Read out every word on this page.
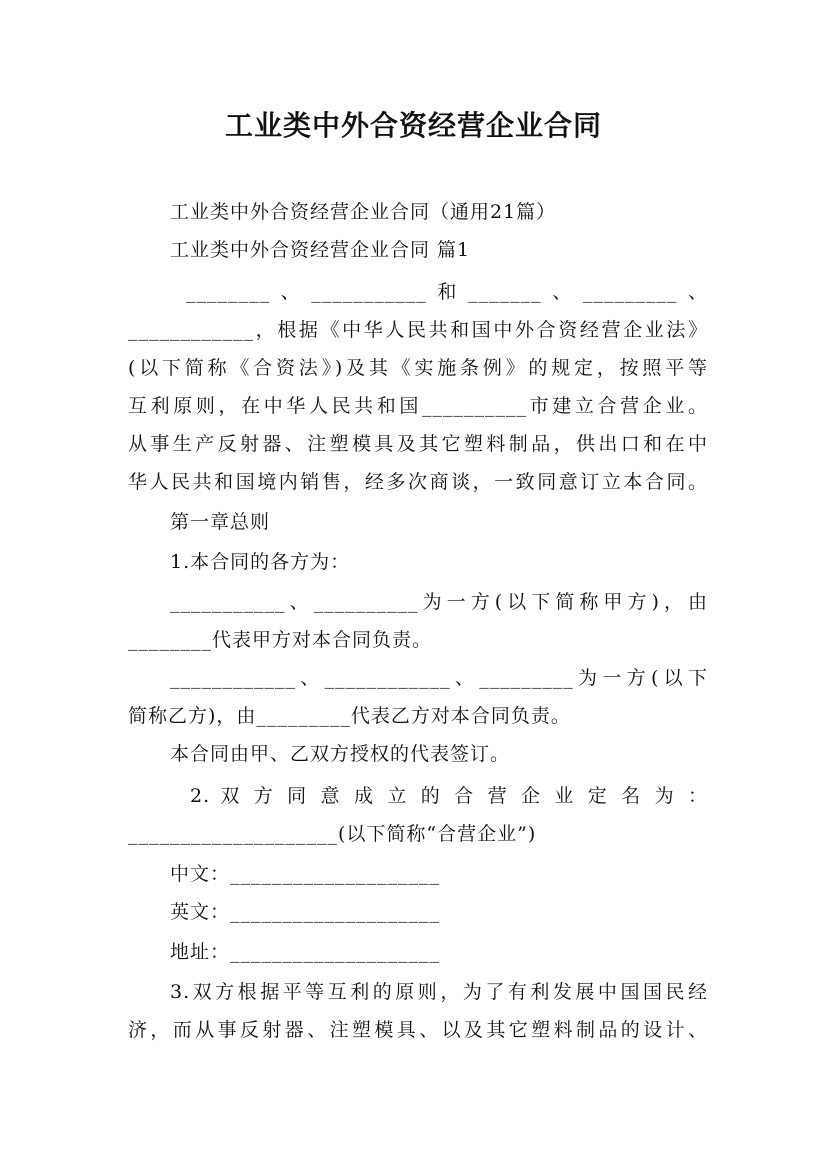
工业类中外合资经营企业合同
工业类中外合资经营企业合同（通用21篇）
工业类中外合资经营企业合同 篇1
________、___________和_______、_________、
____________，根据《中华人民共和国中外合资经营企业法》
(以下简称《合资法》)及其《实施条例》的规定，按照平等
互利原则，在中华人民共和国__________市建立合营企业。
从事生产反射器、注塑模具及其它塑料制品，供出口和在中
华人民共和国境内销售，经多次商谈，一致同意订立本合同。
第一章总则
1.本合同的各方为：
___________、__________为一方(以下简称甲方)，由
________代表甲方对本合同负责。
____________、____________、_________为一方(以下
简称乙方)，由_________代表乙方对本合同负责。
本合同由甲、乙双方授权的代表签订。
2. 双 方 同 意 成 立 的 合 营 企 业 定 名 为 ：
____________________(以下简称“合营企业”)
中文：____________________
英文：____________________
地址：____________________
3.双方根据平等互利的原则，为了有利发展中国国民经
济，而从事反射器、注塑模具、以及其它塑料制品的设计、
